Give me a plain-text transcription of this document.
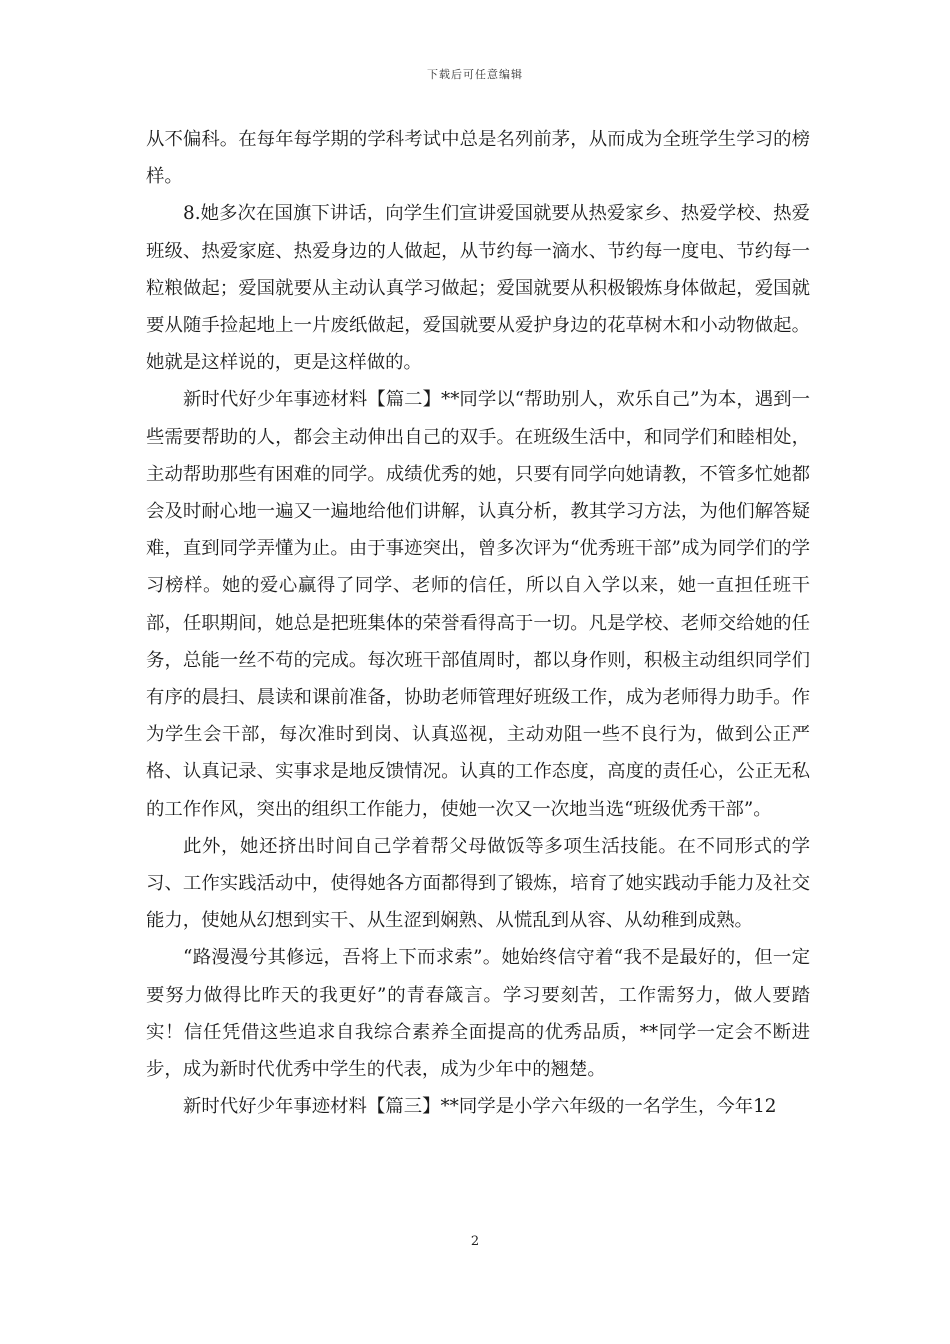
下载后可任意编辑

从不偏科。在每年每学期的学科考试中总是名列前茅，从而成为全班学生学习的榜样。

8.她多次在国旗下讲话，向学生们宣讲爱国就要从热爱家乡、热爱学校、热爱班级、热爱家庭、热爱身边的人做起，从节约每一滴水、节约每一度电、节约每一粒粮做起；爱国就要从主动认真学习做起；爱国就要从积极锻炼身体做起，爱国就要从随手捡起地上一片废纸做起，爱国就要从爱护身边的花草树木和小动物做起。她就是这样说的，更是这样做的。

新时代好少年事迹材料【篇二】**同学以“帮助别人，欢乐自己”为本，遇到一些需要帮助的人，都会主动伸出自己的双手。在班级生活中，和同学们和睦相处，主动帮助那些有困难的同学。成绩优秀的她，只要有同学向她请教，不管多忙她都会及时耐心地一遍又一遍地给他们讲解，认真分析，教其学习方法，为他们解答疑难，直到同学弄懂为止。由于事迹突出，曾多次评为“优秀班干部”成为同学们的学习榜样。她的爱心赢得了同学、老师的信任，所以自入学以来，她一直担任班干部，任职期间，她总是把班集体的荣誉看得高于一切。凡是学校、老师交给她的任务，总能一丝不苟的完成。每次班干部值周时，都以身作则，积极主动组织同学们有序的晨扫、晨读和课前准备，协助老师管理好班级工作，成为老师得力助手。作为学生会干部，每次准时到岗、认真巡视，主动劝阻一些不良行为，做到公正严格、认真记录、实事求是地反馈情况。认真的工作态度，高度的责任心，公正无私的工作作风，突出的组织工作能力，使她一次又一次地当选“班级优秀干部”。

此外，她还挤出时间自己学着帮父母做饭等多项生活技能。在不同形式的学习、工作实践活动中，使得她各方面都得到了锻炼，培育了她实践动手能力及社交能力，使她从幻想到实干、从生涩到娴熟、从慌乱到从容、从幼稚到成熟。

“路漫漫兮其修远，吾将上下而求索”。她始终信守着“我不是最好的，但一定要努力做得比昨天的我更好”的青春箴言。学习要刻苦，工作需努力，做人要踏实！信任凭借这些追求自我综合素养全面提高的优秀品质，**同学一定会不断进步，成为新时代优秀中学生的代表，成为少年中的翘楚。

新时代好少年事迹材料【篇三】**同学是小学六年级的一名学生，今年12

2
